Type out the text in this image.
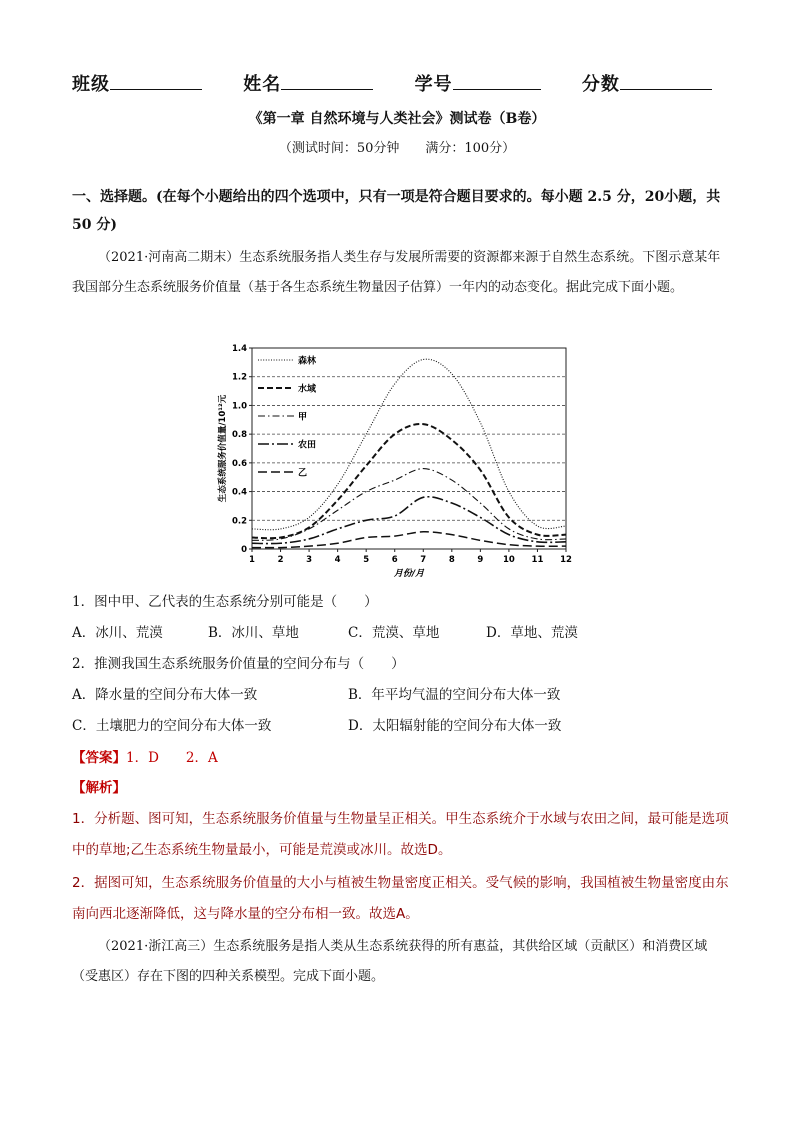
班级	姓名	学号	分数
《第一章 自然环境与人类社会》测试卷（B卷）
（测试时间：50分钟　　满分：100分）
一、选择题。(在每个小题给出的四个选项中，只有一项是符合题目要求的。每小题 2.5 分，20小题，共 50 分)
（2021·河南高二期末）生态系统服务指人类生存与发展所需要的资源都来源于自然生态系统。下图示意某年我国部分生态系统服务价值量（基于各生态系统生物量因子估算）一年内的动态变化。据此完成下面小题。
0
0.2
0.4
0.6
0.8
1.0
1.2
1.4
1	2	3	4	5	6	7	8	9 10 11 12
月份/月
生态系统服务价值量/10¹²元
森林
水域
甲
农田
乙
1．图中甲、乙代表的生态系统分别可能是（　　）
A．冰川、荒漠	B．冰川、草地	C．荒漠、草地	D．草地、荒漠
2．推测我国生态系统服务价值量的空间分布与（　　）
A．降水量的空间分布大体一致	B．年平均气温的空间分布大体一致
C．土壤肥力的空间分布大体一致	D．太阳辐射能的空间分布大体一致
【答案】1．D　　2．A
【解析】
1．分析题、图可知，生态系统服务价值量与生物量呈正相关。甲生态系统介于水域与农田之间，最可能是选项中的草地;乙生态系统生物量最小，可能是荒漠或冰川。故选D。
2．据图可知，生态系统服务价值量的大小与植被生物量密度正相关。受气候的影响，我国植被生物量密度由东南向西北逐渐降低，这与降水量的空分布相一致。故选A。
（2021·浙江高三）生态系统服务是指人类从生态系统获得的所有惠益，其供给区域（贡献区）和消费区域（受惠区）存在下图的四种关系模型。完成下面小题。
